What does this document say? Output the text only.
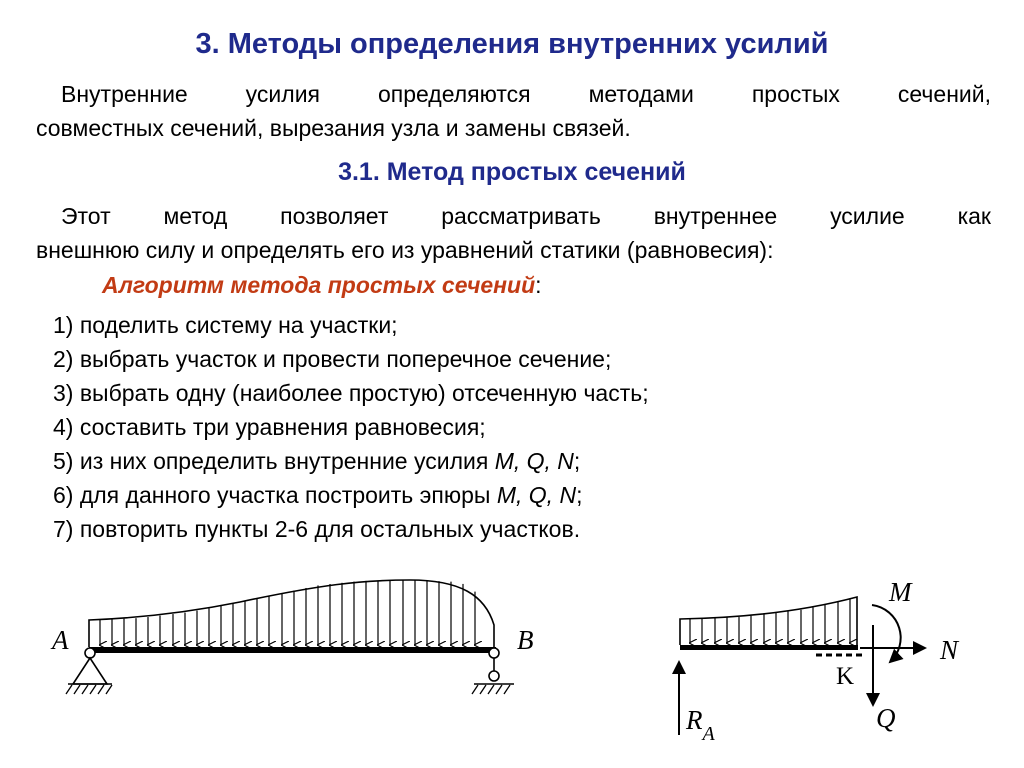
3. Методы определения внутренних усилий
Внутренние усилия определяются методами простых сечений,
совместных сечений, вырезания узла и замены связей.
3.1. Метод простых сечений
Этот метод позволяет рассматривать внутреннее усилие как
внешнюю силу и определять его из уравнений статики (равновесия):
Алгоритм метода простых сечений:
1) поделить систему на участки;
2) выбрать участок и провести поперечное сечение;
3) выбрать одну (наиболее простую) отсеченную часть;
4) составить три уравнения равновесия;
5) из них определить внутренние усилия M, Q, N;
6) для данного участка построить эпюры M, Q, N;
7) повторить пункты 2-6 для остальных участков.
A	B
M
N
Q
K
$R_A$
